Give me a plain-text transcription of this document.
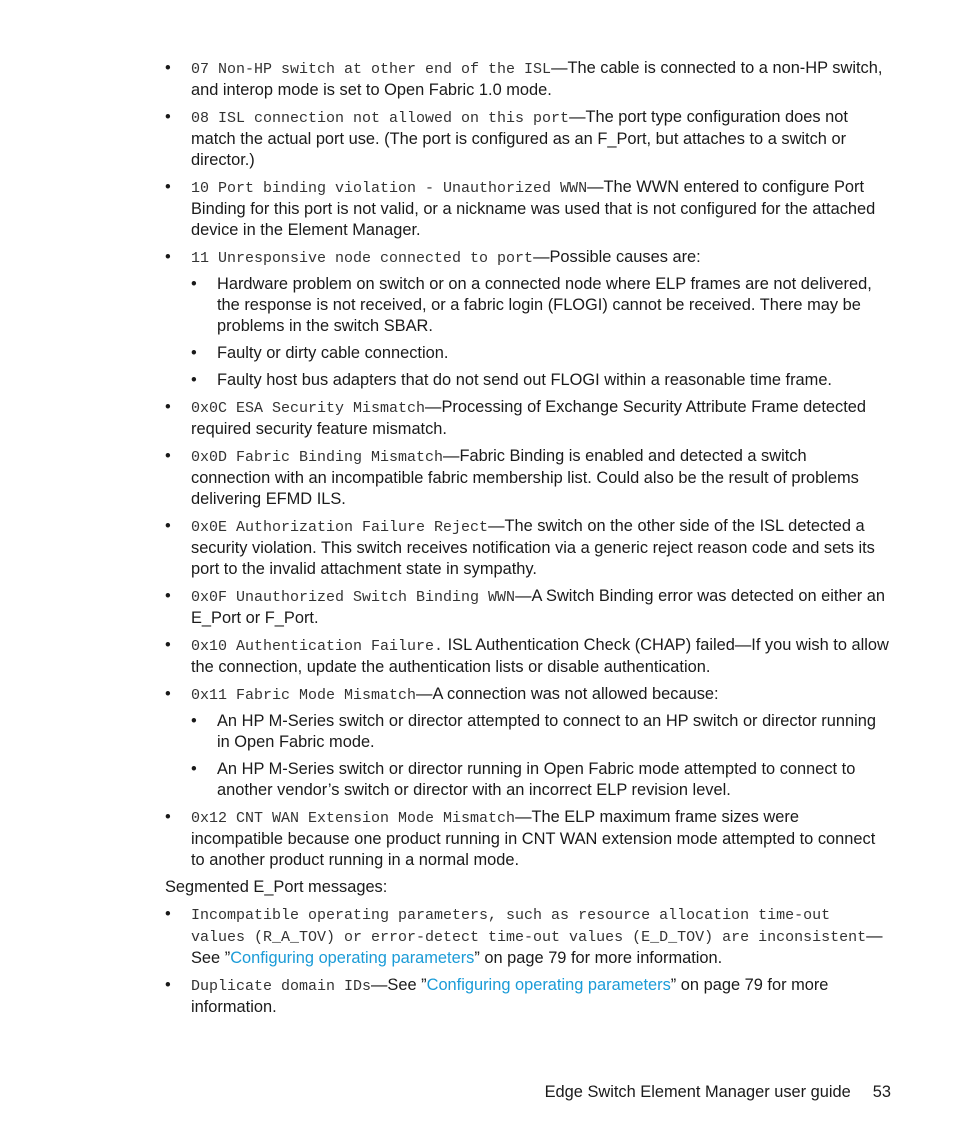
• 07 Non-HP switch at other end of the ISL—The cable is connected to a non-HP switch, and interop mode is set to Open Fabric 1.0 mode.
• 08 ISL connection not allowed on this port—The port type configuration does not match the actual port use. (The port is configured as an F_Port, but attaches to a switch or director.)
• 10 Port binding violation - Unauthorized WWN—The WWN entered to configure Port Binding for this port is not valid, or a nickname was used that is not configured for the attached device in the Element Manager.
• 11 Unresponsive node connected to port—Possible causes are:
• Hardware problem on switch or on a connected node where ELP frames are not delivered, the response is not received, or a fabric login (FLOGI) cannot be received. There may be problems in the switch SBAR.
• Faulty or dirty cable connection.
• Faulty host bus adapters that do not send out FLOGI within a reasonable time frame.
• 0x0C ESA Security Mismatch—Processing of Exchange Security Attribute Frame detected required security feature mismatch.
• 0x0D Fabric Binding Mismatch—Fabric Binding is enabled and detected a switch connection with an incompatible fabric membership list. Could also be the result of problems delivering EFMD ILS.
• 0x0E Authorization Failure Reject—The switch on the other side of the ISL detected a security violation. This switch receives notification via a generic reject reason code and sets its port to the invalid attachment state in sympathy.
• 0x0F Unauthorized Switch Binding WWN—A Switch Binding error was detected on either an E_Port or F_Port.
• 0x10 Authentication Failure. ISL Authentication Check (CHAP) failed—If you wish to allow the connection, update the authentication lists or disable authentication.
• 0x11 Fabric Mode Mismatch—A connection was not allowed because:
• An HP M-Series switch or director attempted to connect to an HP switch or director running in Open Fabric mode.
• An HP M-Series switch or director running in Open Fabric mode attempted to connect to another vendor’s switch or director with an incorrect ELP revision level.
• 0x12 CNT WAN Extension Mode Mismatch—The ELP maximum frame sizes were incompatible because one product running in CNT WAN extension mode attempted to connect to another product running in a normal mode.

Segmented E_Port messages:

• Incompatible operating parameters, such as resource allocation time-out values (R_A_TOV) or error-detect time-out values (E_D_TOV) are inconsistent—See ”Configuring operating parameters” on page 79 for more information.
• Duplicate domain IDs—See ”Configuring operating parameters” on page 79 for more information.
Edge Switch Element Manager user guide 53
